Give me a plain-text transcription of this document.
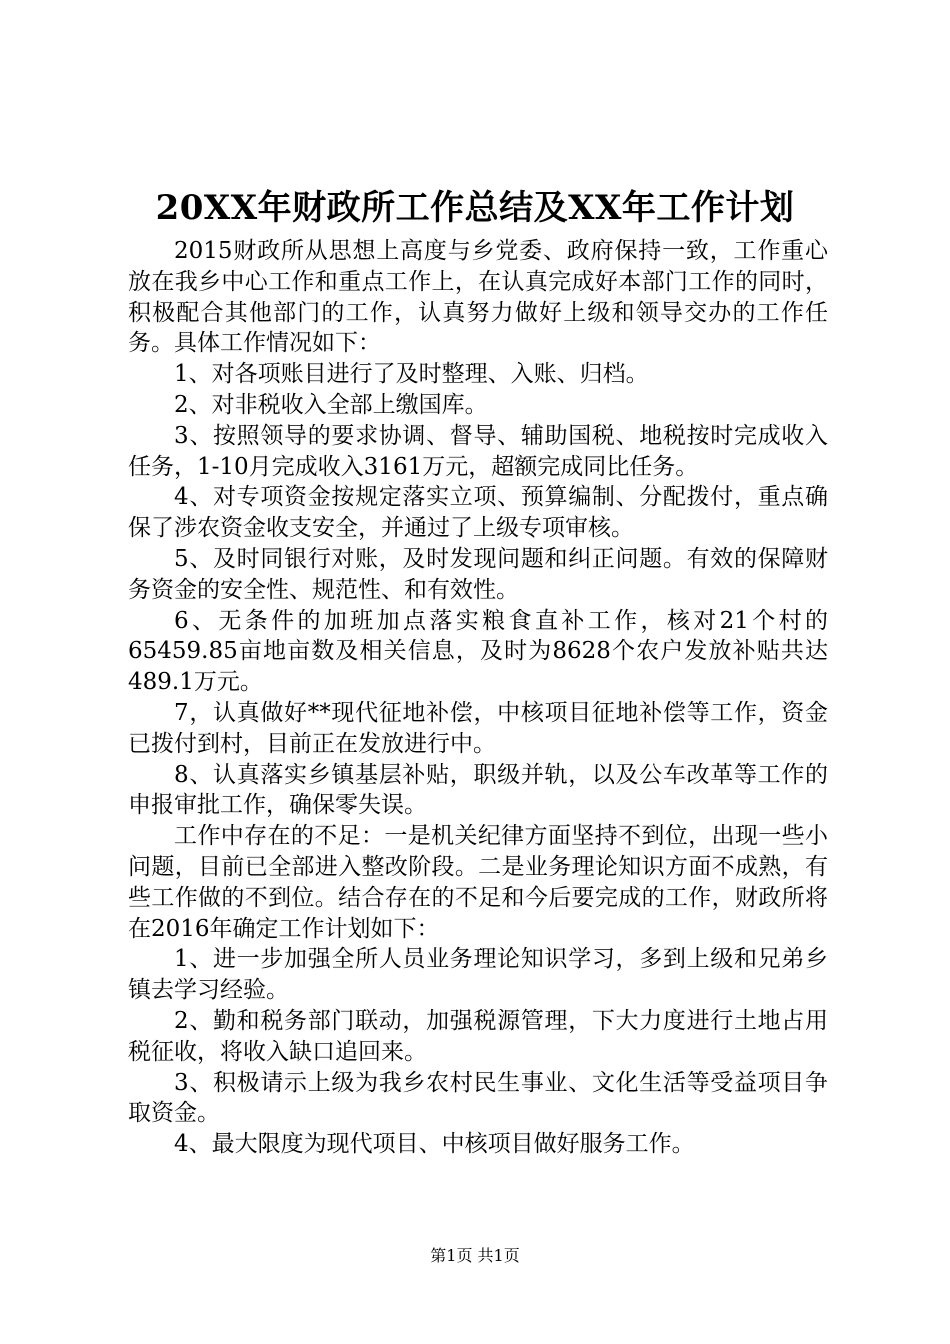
20XX年财政所工作总结及XX年工作计划

2015财政所从思想上高度与乡党委、政府保持一致，工作重心放在我乡中心工作和重点工作上，在认真完成好本部门工作的同时，积极配合其他部门的工作，认真努力做好上级和领导交办的工作任务。具体工作情况如下：

1、对各项账目进行了及时整理、入账、归档。

2、对非税收入全部上缴国库。

3、按照领导的要求协调、督导、辅助国税、地税按时完成收入任务，1-10月完成收入3161万元，超额完成同比任务。

4、对专项资金按规定落实立项、预算编制、分配拨付，重点确保了涉农资金收支安全，并通过了上级专项审核。

5、及时同银行对账，及时发现问题和纠正问题。有效的保障财务资金的安全性、规范性、和有效性。

6、无条件的加班加点落实粮食直补工作，核对21个村的65459.85亩地亩数及相关信息，及时为8628个农户发放补贴共达489.1万元。

7，认真做好**现代征地补偿，中核项目征地补偿等工作，资金已拨付到村，目前正在发放进行中。

8、认真落实乡镇基层补贴，职级并轨，以及公车改革等工作的申报审批工作，确保零失误。

工作中存在的不足：一是机关纪律方面坚持不到位，出现一些小问题，目前已全部进入整改阶段。二是业务理论知识方面不成熟，有些工作做的不到位。结合存在的不足和今后要完成的工作，财政所将在2016年确定工作计划如下：

1、进一步加强全所人员业务理论知识学习，多到上级和兄弟乡镇去学习经验。

2、勤和税务部门联动，加强税源管理，下大力度进行土地占用税征收，将收入缺口追回来。

3、积极请示上级为我乡农村民生事业、文化生活等受益项目争取资金。

4、最大限度为现代项目、中核项目做好服务工作。

第1页 共1页
